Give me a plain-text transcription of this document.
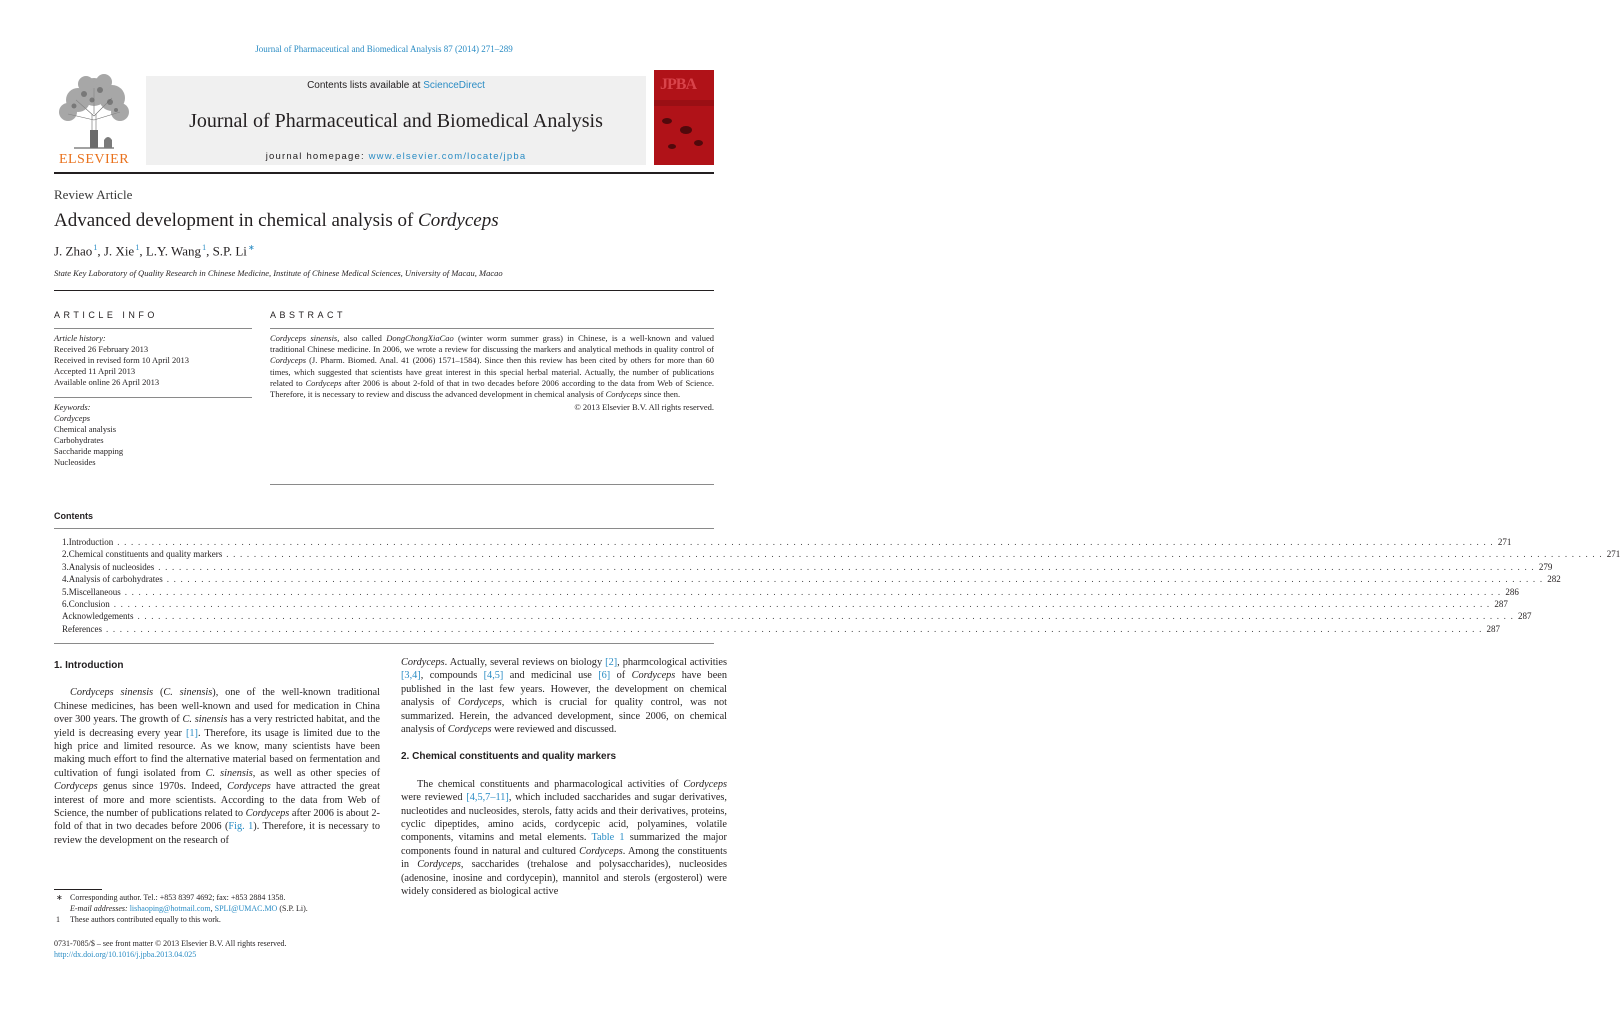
Journal of Pharmaceutical and Biomedical Analysis 87 (2014) 271–289
ELSEVIER
Contents lists available at ScienceDirect
Journal of Pharmaceutical and Biomedical Analysis
journal homepage: www.elsevier.com/locate/jpba
JPBA
Review Article
Advanced development in chemical analysis of Cordyceps
J. Zhao $^1$, J. Xie $^1$, L.Y. Wang $^1$, S.P. Li ∗
State Key Laboratory of Quality Research in Chinese Medicine, Institute of Chinese Medical Sciences, University of Macau, Macao
ARTICLE INFO
Article history:
Received 26 February 2013
Received in revised form 10 April 2013
Accepted 11 April 2013
Available online 26 April 2013
Keywords:
Cordyceps
Chemical analysis
Carbohydrates
Saccharide mapping
Nucleosides
ABSTRACT
Cordyceps sinensis, also called DongChongXiaCao (winter worm summer grass) in Chinese, is a well-known and valued traditional Chinese medicine. In 2006, we wrote a review for discussing the markers and analytical methods in quality control of Cordyceps (J. Pharm. Biomed. Anal. 41 (2006) 1571–1584). Since then this review has been cited by others for more than 60 times, which suggested that scientists have great interest in this special herbal material. Actually, the number of publications related to Cordyceps after 2006 is about 2-fold of that in two decades before 2006 according to the data from Web of Science. Therefore, it is necessary to review and discuss the advanced development in chemical analysis of Cordyceps since then.
© 2013 Elsevier B.V. All rights reserved.
Contents
1. Introduction . . . . . . . . . . . . . . . . . . . . . . . . . . . . . . . . . . . . . . . . . . . . . . . . . . . . . . . . . . . . . . . . . . . . . . . . . . . . . . . . . . . . . . . . . . . . . . . . . . . . . . . . . . . . . . . . . . . . . . . . . . . . . . . . . . . . . . . . . . . . . . . . . . . . . . . . . . . . . . . . . . . . . . . . . . . . . . . . . . . . . . . . . . . . . . . . . . . . . . . . 271
2. Chemical constituents and quality markers . . . . . . . . . . . . . . . . . . . . . . . . . . . . . . . . . . . . . . . . . . . . . . . . . . . . . . . . . . . . . . . . . . . . . . . . . . . . . . . . . . . . . . . . . . . . . . . . . . . . . . . . . . . . . . . . . . . . . . . . . . . . . . . . . . . . . . . . . . . . . . . . . . . . . . . . . . . . . . . . . . . . . . . . . . . . . . . . . . . . . . . . . . . . . . . . . . . . . . . . 271
3. Analysis of nucleosides . . . . . . . . . . . . . . . . . . . . . . . . . . . . . . . . . . . . . . . . . . . . . . . . . . . . . . . . . . . . . . . . . . . . . . . . . . . . . . . . . . . . . . . . . . . . . . . . . . . . . . . . . . . . . . . . . . . . . . . . . . . . . . . . . . . . . . . . . . . . . . . . . . . . . . . . . . . . . . . . . . . . . . . . . . . . . . . . . . . . . . . . . . . . . . . . . . . . . . . . 279
4. Analysis of carbohydrates . . . . . . . . . . . . . . . . . . . . . . . . . . . . . . . . . . . . . . . . . . . . . . . . . . . . . . . . . . . . . . . . . . . . . . . . . . . . . . . . . . . . . . . . . . . . . . . . . . . . . . . . . . . . . . . . . . . . . . . . . . . . . . . . . . . . . . . . . . . . . . . . . . . . . . . . . . . . . . . . . . . . . . . . . . . . . . . . . . . . . . . . . . . . . . . . . . . . . . . . 282
5. Miscellaneous . . . . . . . . . . . . . . . . . . . . . . . . . . . . . . . . . . . . . . . . . . . . . . . . . . . . . . . . . . . . . . . . . . . . . . . . . . . . . . . . . . . . . . . . . . . . . . . . . . . . . . . . . . . . . . . . . . . . . . . . . . . . . . . . . . . . . . . . . . . . . . . . . . . . . . . . . . . . . . . . . . . . . . . . . . . . . . . . . . . . . . . . . . . . . . . . . . . . . . . . 286
6. Conclusion . . . . . . . . . . . . . . . . . . . . . . . . . . . . . . . . . . . . . . . . . . . . . . . . . . . . . . . . . . . . . . . . . . . . . . . . . . . . . . . . . . . . . . . . . . . . . . . . . . . . . . . . . . . . . . . . . . . . . . . . . . . . . . . . . . . . . . . . . . . . . . . . . . . . . . . . . . . . . . . . . . . . . . . . . . . . . . . . . . . . . . . . . . . . . . . . . . . . . . . . 287
Acknowledgements . . . . . . . . . . . . . . . . . . . . . . . . . . . . . . . . . . . . . . . . . . . . . . . . . . . . . . . . . . . . . . . . . . . . . . . . . . . . . . . . . . . . . . . . . . . . . . . . . . . . . . . . . . . . . . . . . . . . . . . . . . . . . . . . . . . . . . . . . . . . . . . . . . . . . . . . . . . . . . . . . . . . . . . . . . . . . . . . . . . . . . . . . . . . . . . . . . . . . . . . 287
References . . . . . . . . . . . . . . . . . . . . . . . . . . . . . . . . . . . . . . . . . . . . . . . . . . . . . . . . . . . . . . . . . . . . . . . . . . . . . . . . . . . . . . . . . . . . . . . . . . . . . . . . . . . . . . . . . . . . . . . . . . . . . . . . . . . . . . . . . . . . . . . . . . . . . . . . . . . . . . . . . . . . . . . . . . . . . . . . . . . . . . . . . . . . . . . . . . . . . . . . 287
1. Introduction

Cordyceps sinensis (C. sinensis), one of the well-known traditional Chinese medicines, has been well-known and used for medication in China over 300 years. The growth of C. sinensis has a very restricted habitat, and the yield is decreasing every year [1]. Therefore, its usage is limited due to the high price and limited resource. As we know, many scientists have been making much effort to find the alternative material based on fermentation and cultivation of fungi isolated from C. sinensis, as well as other species of Cordyceps genus since 1970s. Indeed, Cordyceps have attracted the great interest of more and more scientists. According to the data from Web of Science, the number of publications related to Cordyceps after 2006 is about 2-fold of that in two decades before 2006 (Fig. 1). Therefore, it is necessary to review the development on the research of

Cordyceps. Actually, several reviews on biology [2], pharmcological activities [3,4], compounds [4,5] and medicinal use [6] of Cordyceps have been published in the last few years. However, the development on chemical analysis of Cordyceps, which is crucial for quality control, was not summarized. Herein, the advanced development, since 2006, on chemical analysis of Cordyceps were reviewed and discussed.

2. Chemical constituents and quality markers

The chemical constituents and pharmacological activities of Cordyceps were reviewed [4,5,7–11], which included saccharides and sugar derivatives, nucleotides and nucleosides, sterols, fatty acids and their derivatives, proteins, cyclic dipeptides, amino acids, cordycepic acid, polyamines, volatile components, vitamins and metal elements. Table 1 summarized the major components found in natural and cultured Cordyceps. Among the constituents in Cordyceps, saccharides (trehalose and polysaccharides), nucleosides (adenosine, inosine and cordycepin), mannitol and sterols (ergosterol) were widely considered as biological active

∗ Corresponding author. Tel.: +853 8397 4692; fax: +853 2884 1358.
E-mail addresses: lishaoping@hotmail.com, SPLI@UMAC.MO (S.P. Li).
1 These authors contributed equally to this work.
0731-7085/$ – see front matter © 2013 Elsevier B.V. All rights reserved.
http://dx.doi.org/10.1016/j.jpba.2013.04.025
